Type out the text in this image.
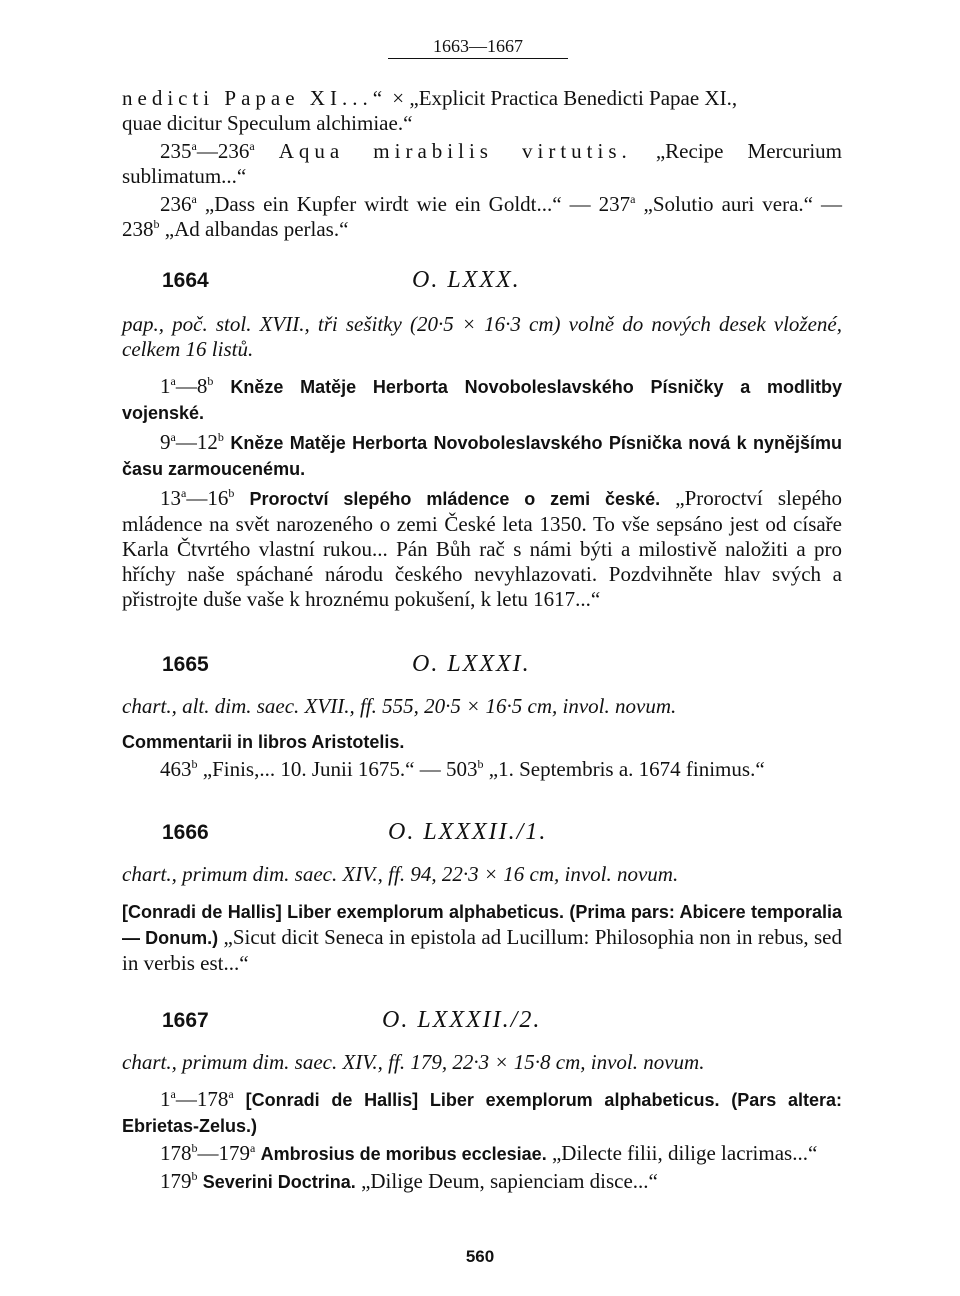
1663—1667

nedicti Papae XI...“ × „Explicit Practica Benedicti Papae XI.,

quae dicitur Speculum alchimiae.“

235$^a$—236$^a$ Aqua mirabilis virtutis. „Recipe Mercurium sublimatum...“

236$^a$ „Dass ein Kupfer wirdt wie ein Goldt...“ — 237$^a$ „Solutio auri vera.“ — 238$^b$ „Ad albandas perlas.“

1664	O. LXXX.

pap., poč. stol. XVII., tři sešitky (20·5 × 16·3 cm) volně do nových desek vložené, celkem 16 listů.

1$^a$—8$^b$ Kněze Matěje Herborta Novoboleslavského Písničky a modlitby vojenské.

9$^a$—12$^b$ Kněze Matěje Herborta Novoboleslavského Písnička nová k nynějšímu času zarmoucenému.

13$^a$—16$^b$ Proroctví slepého mládence o zemi české. „Proroctví slepého mládence na svět narozeného o zemi České leta 1350. To vše sepsáno jest od císaře Karla Čtvrtého vlastní rukou... Pán Bůh rač s námi býti a milostivě naložiti a pro hříchy naše spáchané národu českého nevyhlazovati. Pozdvihněte hlav svých a přistrojte duše vaše k hroznému pokušení, k letu 1617...“

1665	O. LXXXI.

chart., alt. dim. saec. XVII., ff. 555, 20·5 × 16·5 cm, invol. novum.

Commentarii in libros Aristotelis.

463$^b$ „Finis,... 10. Junii 1675.“ — 503$^b$ „1. Septembris a. 1674 finimus.“

1666	O. LXXXII./1.

chart., primum dim. saec. XIV., ff. 94, 22·3 × 16 cm, invol. novum.

[Conradi de Hallis] Liber exemplorum alphabeticus. (Prima pars: Abicere temporalia — Donum.) „Sicut dicit Seneca in epistola ad Lucillum: Philosophia non in rebus, sed in verbis est...“

1667	O. LXXXII./2.

chart., primum dim. saec. XIV., ff. 179, 22·3 × 15·8 cm, invol. novum.

1$^a$—178$^a$ [Conradi de Hallis] Liber exemplorum alphabeticus. (Pars altera: Ebrietas-Zelus.)

178$^b$—179$^a$ Ambrosius de moribus ecclesiae. „Dilecte filii, dilige lacrimas...“

179$^b$ Severini Doctrina. „Dilige Deum, sapienciam disce...“

560
